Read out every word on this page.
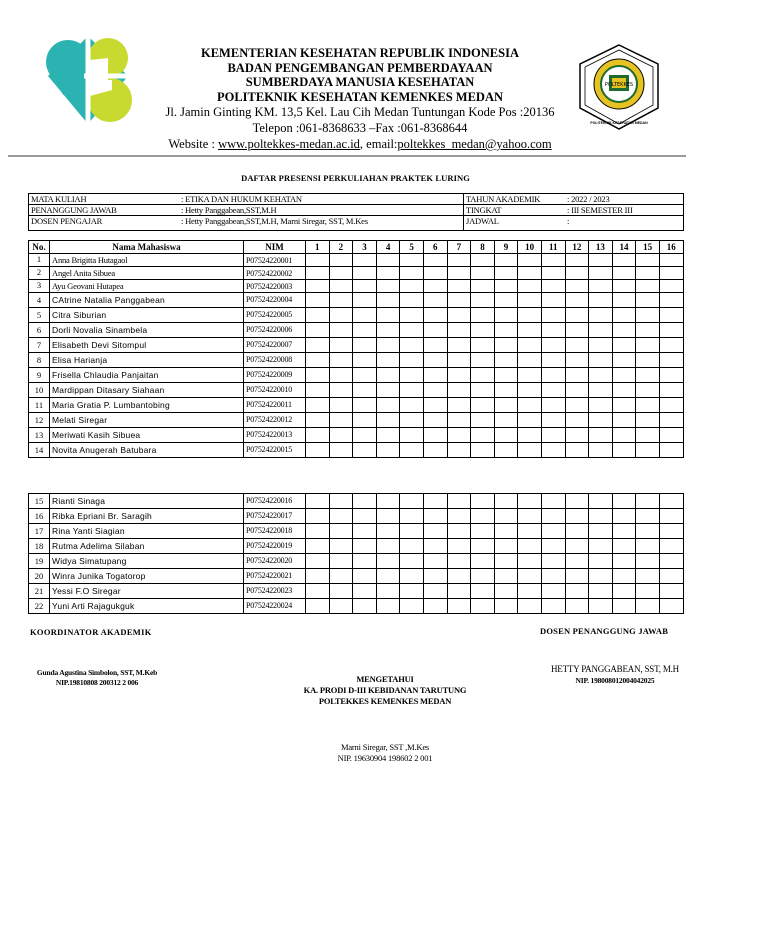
KEMENTERIAN KESEHATAN REPUBLIK INDONESIA
BADAN PENGEMBANGAN PEMBERDAYAAN
SUMBERDAYA MANUSIA KESEHATAN
POLITEKNIK KESEHATAN KEMENKES MEDAN
Jl. Jamin Ginting KM. 13,5 Kel. Lau Cih Medan Tuntungan Kode Pos :20136
Telepon :061-8368633 –Fax :061-8368644
Website : www.poltekkes-medan.ac.id, email:poltekkes_medan@yahoo.com
POLTEKKES
POLITEKNIK KESEHATAN MEDAN
DAFTAR PRESENSI PERKULIAHAN PRAKTEK LURING
MATA KULIAH	: ETIKA DAN HUKUM KEHATAN
PENANGGUNG JAWAB	: Hetty Panggabean,SST,M.H
DOSEN PENGAJAR	: Hetty Panggabean,SST,M.H, Marni Siregar, SST, M.Kes
TAHUN AKADEMIK	: 2022 / 2023
TINGKAT	: III SEMESTER III
JADWAL	:
No.	Nama Mahasiswa	NIM	1	2	3	4	5	6	7	8	9	10	11	12	13	14	15	16
1	Anna Brigitta Hutagaol	P07524220001																
2	Angel Anita Sibuea	P07524220002																
3	Ayu Geovani Hutapea	P07524220003																
4	CAtrine Natalia Panggabean	P07524220004																
5	Citra Siburian	P07524220005																
6	Dorli Novalia Sinambela	P07524220006																
7	Elisabeth Devi Sitompul	P07524220007																
8	Elisa Harianja	P07524220008																
9	Frisella Chlaudia Panjaitan	P07524220009																
10	Mardippan Ditasary Siahaan	P07524220010																
11	Maria Gratia P. Lumbantobing	P07524220011																
12	Melati Siregar	P07524220012																
13	Meriwati Kasih Sibuea	P07524220013																
14	Novita Anugerah Batubara	P07524220015																
15	Rianti Sinaga	P07524220016																
16	Ribka Epriani Br. Saragih	P07524220017																
17	Rina Yanti Siagian	P07524220018																
18	Rutma Adelima Silaban	P07524220019																
19	Widya Simatupang	P07524220020																
20	Winra Junika Togatorop	P07524220021																
21	Yessi F.O Siregar	P07524220023																
22	Yuni Arti Rajagukguk	P07524220024																
KOORDINATOR AKADEMIK	DOSEN PENANGGUNG JAWAB
Gunda Agustina Simbolon, SST, M.Keb
NIP.19810808 200312 2 006
HETTY PANGGABEAN, SST, M.H
NIP. 198008012004042025
MENGETAHUI
KA. PRODI D-III KEBIDANAN TARUTUNG
POLTEKKES KEMENKES MEDAN
Marni Siregar, SST ,M.Kes
NIP. 19630904 198602 2 001
